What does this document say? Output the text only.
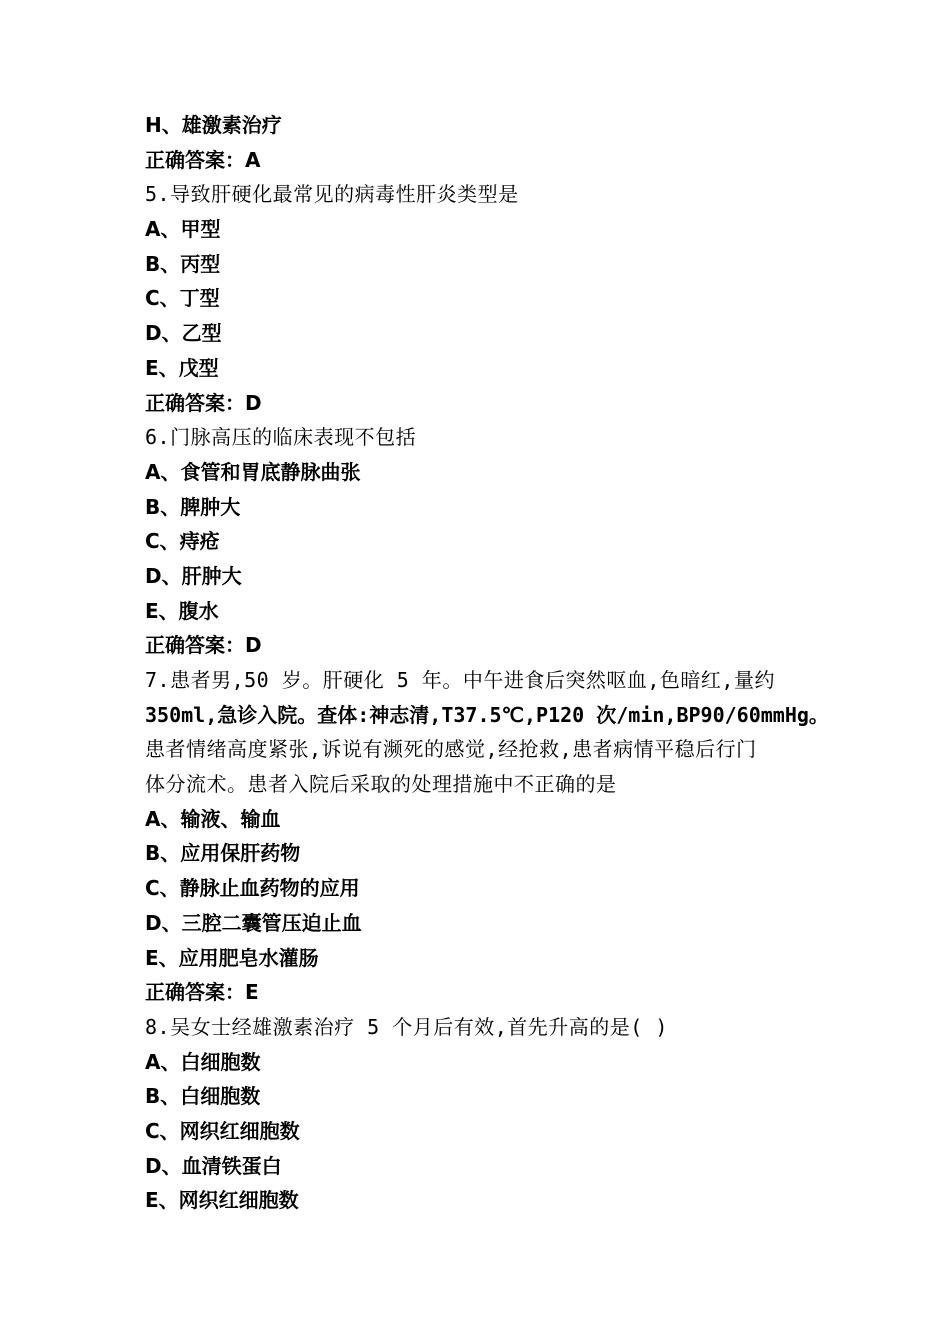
H、雄激素治疗
正确答案：A
5.导致肝硬化最常见的病毒性肝炎类型是
A、甲型
B、丙型
C、丁型
D、乙型
E、戊型
正确答案：D
6.门脉高压的临床表现不包括
A、食管和胃底静脉曲张
B、脾肿大
C、痔疮
D、肝肿大
E、腹水
正确答案：D
7.患者男,50 岁。肝硬化 5 年。中午进食后突然呕血,色暗红,量约
350ml,急诊入院。查体:神志清,T37.5℃,P120 次/min,BP90/60mmHg。
患者情绪高度紧张,诉说有濒死的感觉,经抢救,患者病情平稳后行门
体分流术。患者入院后采取的处理措施中不正确的是
A、输液、输血
B、应用保肝药物
C、静脉止血药物的应用
D、三腔二囊管压迫止血
E、应用肥皂水灌肠
正确答案：E
8.吴女士经雄激素治疗 5 个月后有效,首先升高的是( )
A、白细胞数
B、白细胞数
C、网织红细胞数
D、血清铁蛋白
E、网织红细胞数
